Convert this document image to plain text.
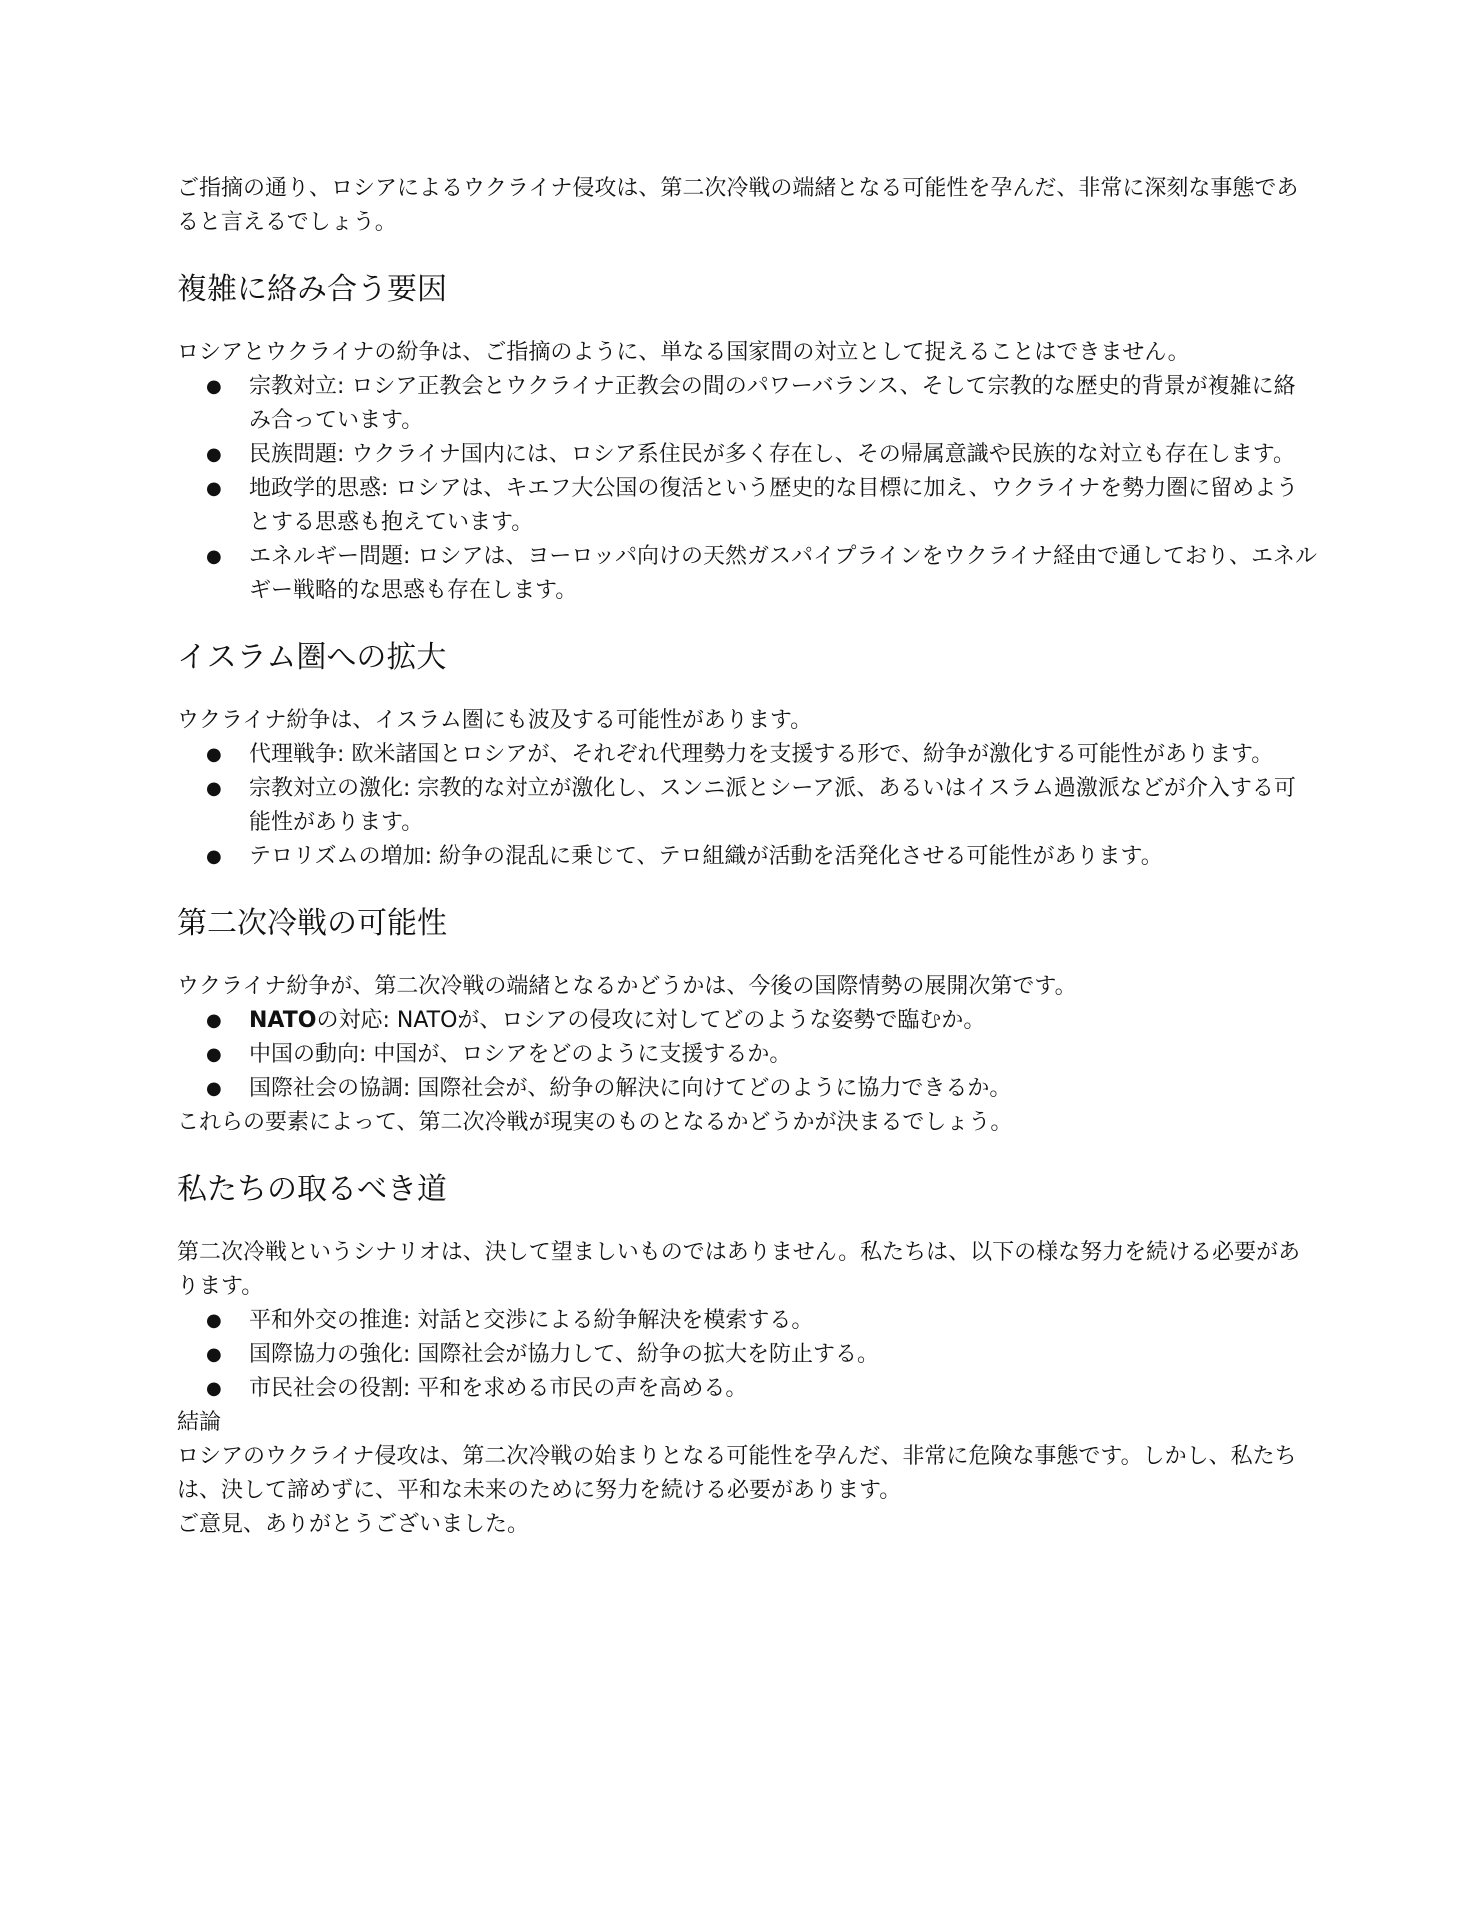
ご指摘の通り、ロシアによるウクライナ侵攻は、第二次冷戦の端緒となる可能性を孕んだ、非常に深刻な事態であると言えるでしょう。

複雑に絡み合う要因

ロシアとウクライナの紛争は、ご指摘のように、単なる国家間の対立として捉えることはできません。

● 宗教対立: ロシア正教会とウクライナ正教会の間のパワーバランス、そして宗教的な歴史的背景が複雑に絡み合っています。
● 民族問題: ウクライナ国内には、ロシア系住民が多く存在し、その帰属意識や民族的な対立も存在します。
● 地政学的思惑: ロシアは、キエフ大公国の復活という歴史的な目標に加え、ウクライナを勢力圏に留めようとする思惑も抱えています。
● エネルギー問題: ロシアは、ヨーロッパ向けの天然ガスパイプラインをウクライナ経由で通しており、エネルギー戦略的な思惑も存在します。
イスラム圏への拡大

ウクライナ紛争は、イスラム圏にも波及する可能性があります。

● 代理戦争: 欧米諸国とロシアが、それぞれ代理勢力を支援する形で、紛争が激化する可能性があります。
● 宗教対立の激化: 宗教的な対立が激化し、スンニ派とシーア派、あるいはイスラム過激派などが介入する可能性があります。
● テロリズムの増加: 紛争の混乱に乗じて、テロ組織が活動を活発化させる可能性があります。
第二次冷戦の可能性

ウクライナ紛争が、第二次冷戦の端緒となるかどうかは、今後の国際情勢の展開次第です。

● NATOの対応: NATOが、ロシアの侵攻に対してどのような姿勢で臨むか。
● 中国の動向: 中国が、ロシアをどのように支援するか。
● 国際社会の協調: 国際社会が、紛争の解決に向けてどのように協力できるか。

これらの要素によって、第二次冷戦が現実のものとなるかどうかが決まるでしょう。

私たちの取るべき道

第二次冷戦というシナリオは、決して望ましいものではありません。私たちは、以下の様な努力を続ける必要があります。

● 平和外交の推進: 対話と交渉による紛争解決を模索する。
● 国際協力の強化: 国際社会が協力して、紛争の拡大を防止する。
● 市民社会の役割: 平和を求める市民の声を高める。

結論

ロシアのウクライナ侵攻は、第二次冷戦の始まりとなる可能性を孕んだ、非常に危険な事態です。しかし、私たちは、決して諦めずに、平和な未来のために努力を続ける必要があります。

ご意見、ありがとうございました。
